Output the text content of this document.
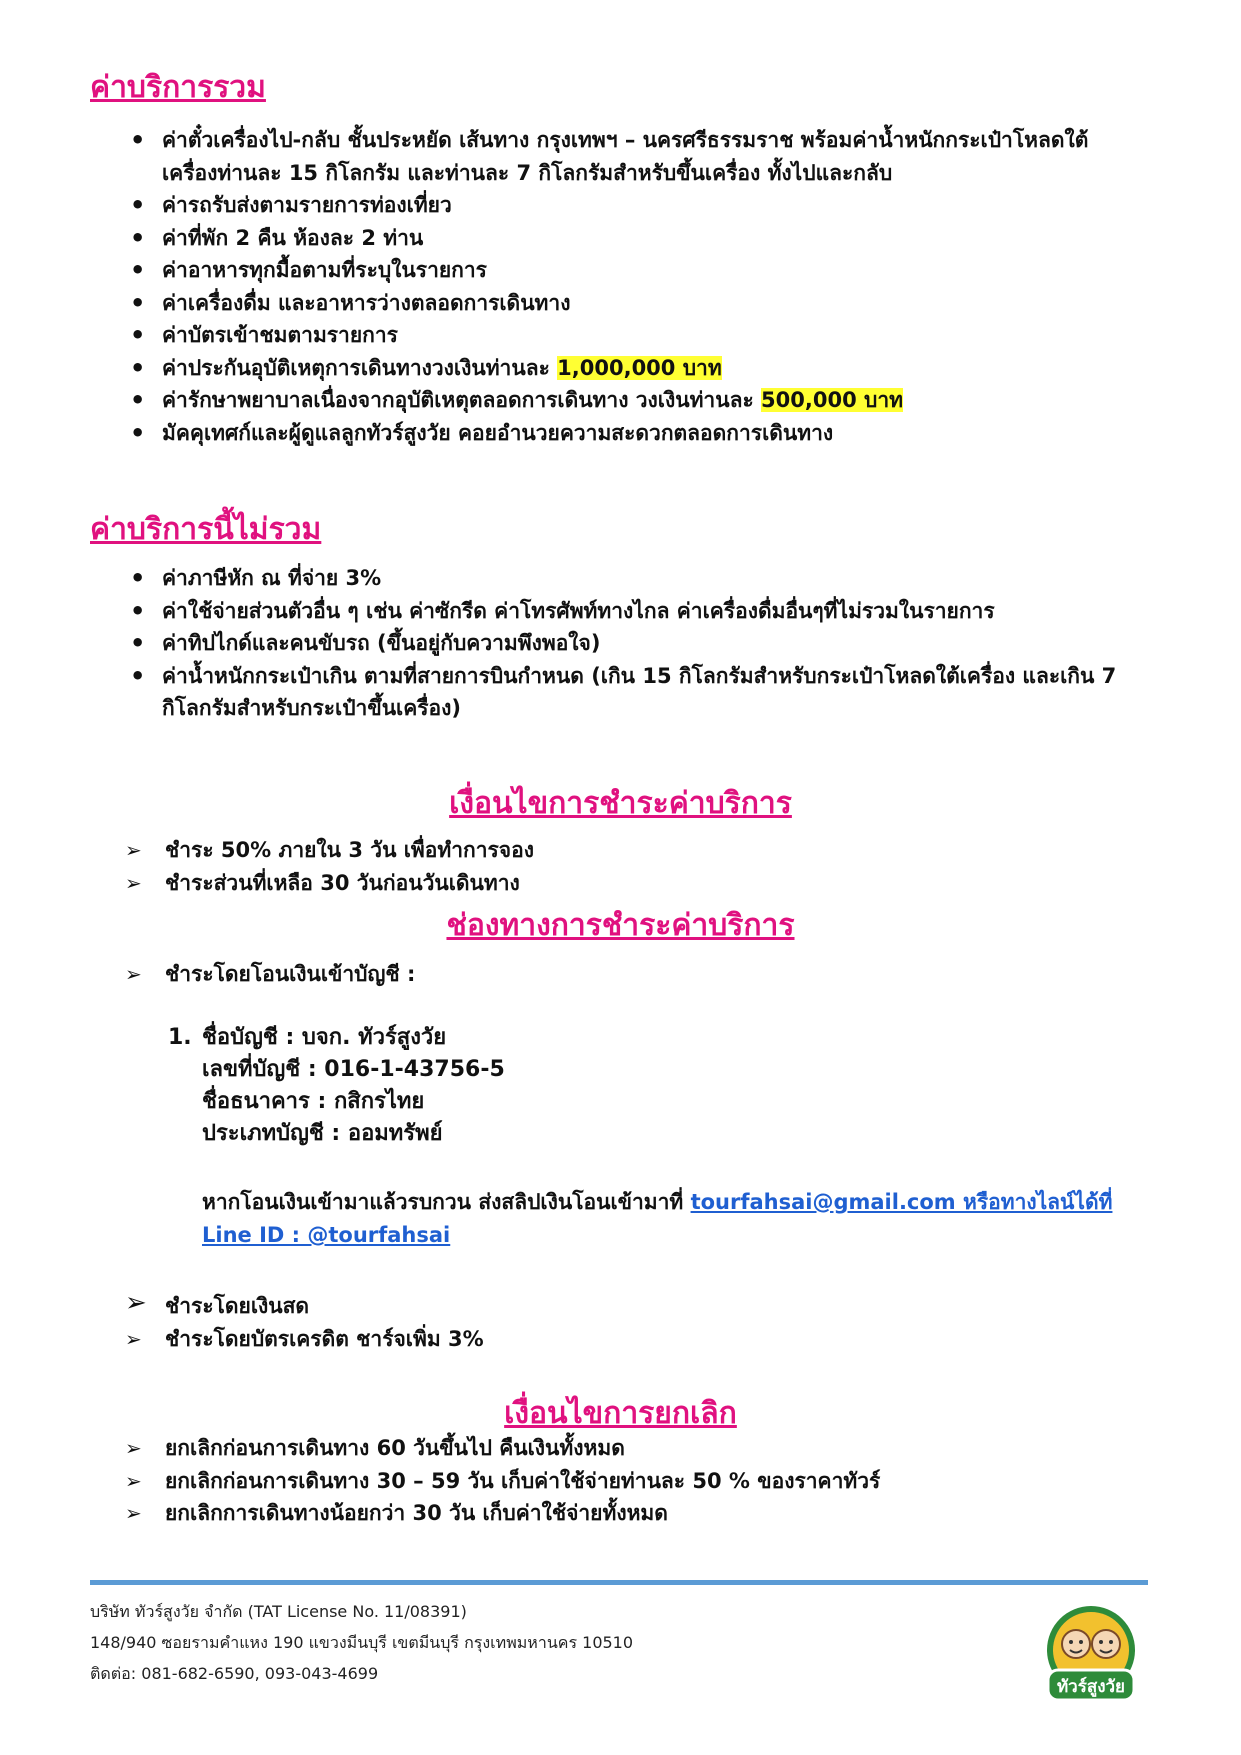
ค่าบริการรวม
• ค่าตั๋วเครื่องไป-กลับ ชั้นประหยัด เส้นทาง กรุงเทพฯ – นครศรีธรรมราช พร้อมค่าน้ำหนักกระเป๋าโหลดใต้เครื่องท่านละ 15 กิโลกรัม และท่านละ 7 กิโลกรัมสำหรับขึ้นเครื่อง ทั้งไปและกลับ
• ค่ารถรับส่งตามรายการท่องเที่ยว
• ค่าที่พัก 2 คืน ห้องละ 2 ท่าน
• ค่าอาหารทุกมื้อตามที่ระบุในรายการ
• ค่าเครื่องดื่ม และอาหารว่างตลอดการเดินทาง
• ค่าบัตรเข้าชมตามรายการ
• ค่าประกันอุบัติเหตุการเดินทางวงเงินท่านละ 1,000,000 บาท
• ค่ารักษาพยาบาลเนื่องจากอุบัติเหตุตลอดการเดินทาง วงเงินท่านละ 500,000 บาท
• มัคคุเทศก์และผู้ดูแลลูกทัวร์สูงวัย คอยอำนวยความสะดวกตลอดการเดินทาง
ค่าบริการนี้ไม่รวม
• ค่าภาษีหัก ณ ที่จ่าย 3%
• ค่าใช้จ่ายส่วนตัวอื่น ๆ เช่น ค่าซักรีด ค่าโทรศัพท์ทางไกล ค่าเครื่องดื่มอื่นๆที่ไม่รวมในรายการ
• ค่าทิปไกด์และคนขับรถ (ขึ้นอยู่กับความพึงพอใจ)
• ค่าน้ำหนักกระเป๋าเกิน ตามที่สายการบินกำหนด (เกิน 15 กิโลกรัมสำหรับกระเป๋าโหลดใต้เครื่อง และเกิน 7 กิโลกรัมสำหรับกระเป๋าขึ้นเครื่อง)
เงื่อนไขการชำระค่าบริการ
➢ ชำระ 50% ภายใน 3 วัน เพื่อทำการจอง
➢ ชำระส่วนที่เหลือ 30 วันก่อนวันเดินทาง
ช่องทางการชำระค่าบริการ
➢ ชำระโดยโอนเงินเข้าบัญชี :
1. ชื่อบัญชี : บจก. ทัวร์สูงวัย
เลขที่บัญชี : 016-1-43756-5
ชื่อธนาคาร : กสิกรไทย
ประเภทบัญชี : ออมทรัพย์
หากโอนเงินเข้ามาแล้วรบกวน ส่งสลิปเงินโอนเข้ามาที่ tourfahsai@gmail.com หรือทางไลน์ได้ที่ Line ID : @tourfahsai
➢ ชำระโดยเงินสด
➢ ชำระโดยบัตรเครดิต ชาร์จเพิ่ม 3%
เงื่อนไขการยกเลิก
➢ ยกเลิกก่อนการเดินทาง 60 วันขึ้นไป คืนเงินทั้งหมด
➢ ยกเลิกก่อนการเดินทาง 30 – 59 วัน เก็บค่าใช้จ่ายท่านละ 50 % ของราคาทัวร์
➢ ยกเลิกการเดินทางน้อยกว่า 30 วัน เก็บค่าใช้จ่ายทั้งหมด
บริษัท ทัวร์สูงวัย จำกัด (TAT License No. 11/08391)
148/940 ซอยรามคำแหง 190 แขวงมีนบุรี เขตมีนบุรี กรุงเทพมหานคร 10510
ติดต่อ: 081-682-6590, 093-043-4699
ทัวร์สูงวัย
